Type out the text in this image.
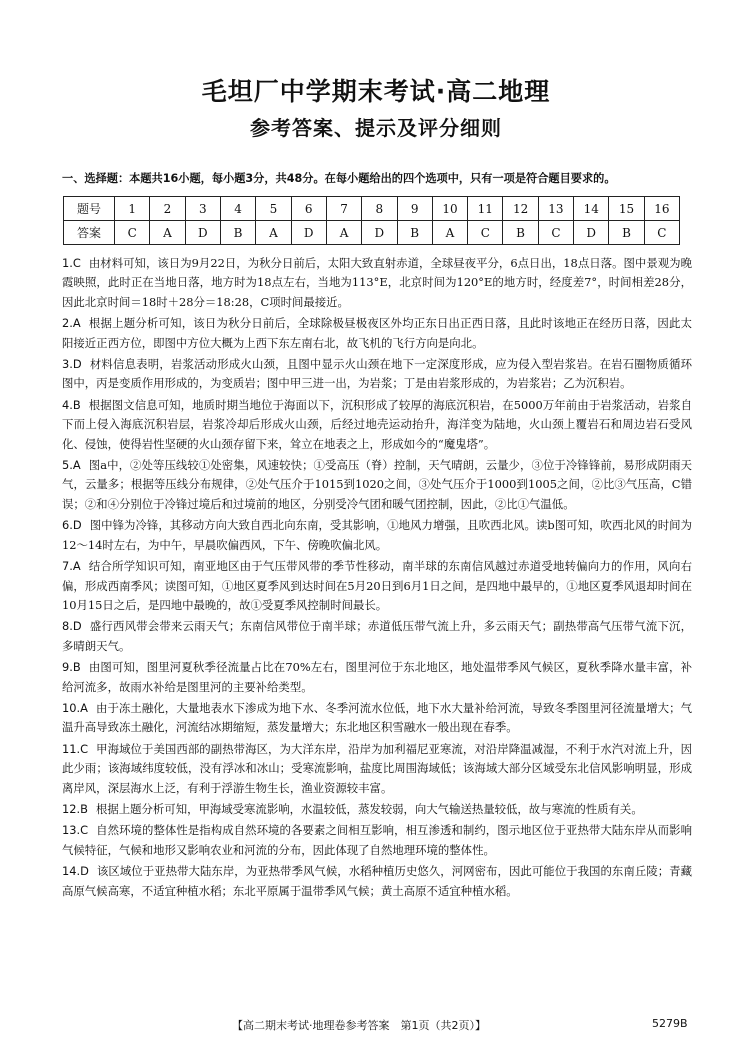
毛坦厂中学期末考试·高二地理
参考答案、提示及评分细则
一、选择题：本题共16小题，每小题3分，共48分。在每小题给出的四个选项中，只有一项是符合题目要求的。
题号	1	2	3	4	5	6	7	8	9	10	11	12	13	14	15	16
答案	C	A	D	B	A	D	A	D	B	A	C	B	C	D	B	C
1.C 由材料可知，该日为9月22日，为秋分日前后，太阳大致直射赤道，全球昼夜平分，6点日出，18点日落。图中景观为晚霞映照，此时正在当地日落，地方时为18点左右，当地为113°E，北京时间为120°E的地方时，经度差7°，时间相差28分，因此北京时间＝18时＋28分＝18:28，C项时间最接近。
2.A 根据上题分析可知，该日为秋分日前后，全球除极昼极夜区外均正东日出正西日落，且此时该地正在经历日落，因此太阳接近正西方位，即图中方位大概为上西下东左南右北，故飞机的飞行方向是向北。
3.D 材料信息表明，岩浆活动形成火山颈，且图中显示火山颈在地下一定深度形成，应为侵入型岩浆岩。在岩石圈物质循环图中，丙是变质作用形成的，为变质岩；图中甲三进一出，为岩浆；丁是由岩浆形成的，为岩浆岩；乙为沉积岩。
4.B 根据图文信息可知，地质时期当地位于海面以下，沉积形成了较厚的海底沉积岩，在5000万年前由于岩浆活动，岩浆自下而上侵入海底沉积岩层，岩浆冷却后形成火山颈，后经过地壳运动抬升，海洋变为陆地，火山颈上覆岩石和周边岩石受风化、侵蚀，使得岩性坚硬的火山颈存留下来，耸立在地表之上，形成如今的“魔鬼塔”。
5.A 图a中，②处等压线较①处密集，风速较快；①受高压（脊）控制，天气晴朗，云量少，③位于冷锋锋前，易形成阴雨天气，云量多；根据等压线分布规律，②处气压介于1015到1020之间，③处气压介于1000到1005之间，②比③气压高，C错误；②和④分别位于冷锋过境后和过境前的地区，分别受冷气团和暖气团控制，因此，②比①气温低。
6.D 图中锋为冷锋，其移动方向大致自西北向东南，受其影响，①地风力增强，且吹西北风。读b图可知，吹西北风的时间为12～14时左右，为中午，早晨吹偏西风，下午、傍晚吹偏北风。
7.A 结合所学知识可知，南亚地区由于气压带风带的季节性移动，南半球的东南信风越过赤道受地转偏向力的作用，风向右偏，形成西南季风；读图可知，①地区夏季风到达时间在5月20日到6月1日之间，是四地中最早的，①地区夏季风退却时间在10月15日之后，是四地中最晚的，故①受夏季风控制时间最长。
8.D 盛行西风带会带来云雨天气；东南信风带位于南半球；赤道低压带气流上升，多云雨天气；副热带高气压带气流下沉，多晴朗天气。
9.B 由图可知，图里河夏秋季径流量占比在70%左右，图里河位于东北地区，地处温带季风气候区，夏秋季降水量丰富，补给河流多，故雨水补给是图里河的主要补给类型。
10.A 由于冻土融化，大量地表水下渗成为地下水、冬季河流水位低，地下水大量补给河流，导致冬季图里河径流量增大；气温升高导致冻土融化，河流结冰期缩短，蒸发量增大；东北地区积雪融水一般出现在春季。
11.C 甲海域位于美国西部的副热带海区，为大洋东岸，沿岸为加利福尼亚寒流，对沿岸降温减湿，不利于水汽对流上升，因此少雨；该海域纬度较低，没有浮冰和冰山；受寒流影响，盐度比周围海域低；该海域大部分区域受东北信风影响明显，形成离岸风，深层海水上泛，有利于浮游生物生长，渔业资源较丰富。
12.B 根据上题分析可知，甲海域受寒流影响，水温较低，蒸发较弱，向大气输送热量较低，故与寒流的性质有关。
13.C 自然环境的整体性是指构成自然环境的各要素之间相互影响，相互渗透和制约，图示地区位于亚热带大陆东岸从而影响气候特征，气候和地形又影响农业和河流的分布，因此体现了自然地理环境的整体性。
14.D 该区域位于亚热带大陆东岸，为亚热带季风气候，水稻种植历史悠久，河网密布，因此可能位于我国的东南丘陵；青藏高原气候高寒，不适宜种植水稻；东北平原属于温带季风气候；黄土高原不适宜种植水稻。
【高二期末考试·地理卷参考答案　第1页（共2页）】	5279B
